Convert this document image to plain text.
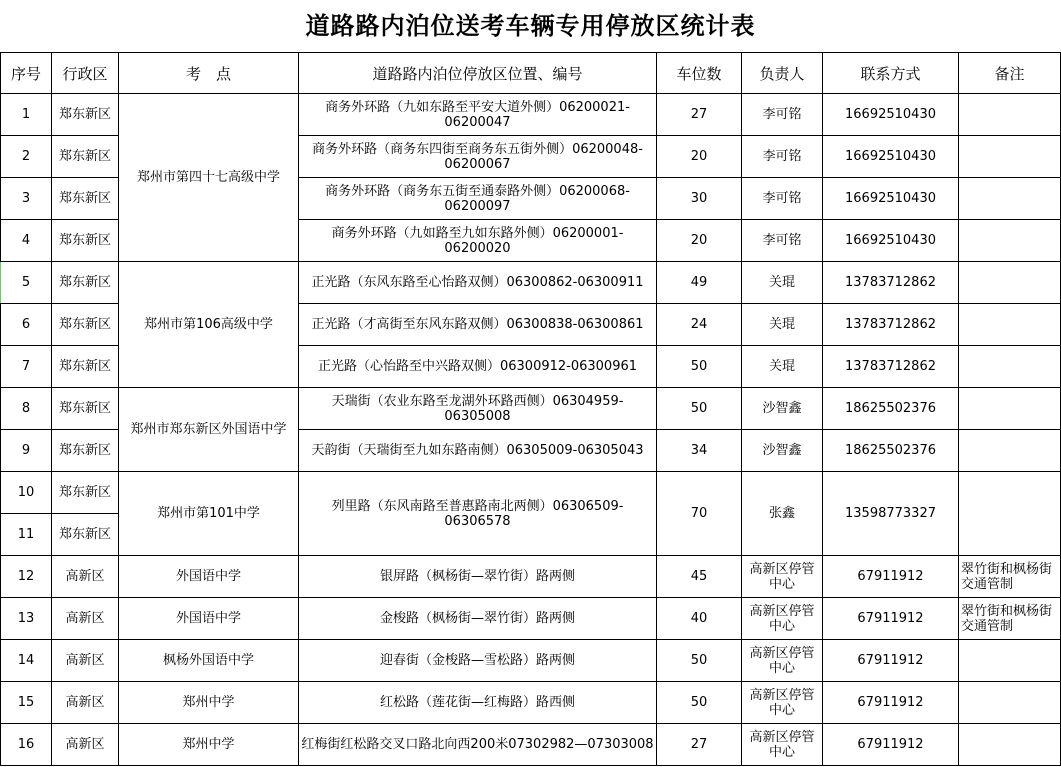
道路路内泊位送考车辆专用停放区统计表
序号	行政区	考　点	道路路内泊位停放区位置、编号	车位数	负责人	联系方式	备注
1	郑东新区	郑州市第四十七高级中学	商务外环路（九如东路至平安大道外侧）06200021-06200047	27	李可铭	16692510430	
2	郑东新区		商务外环路（商务东四街至商务东五街外侧）06200048-06200067	20	李可铭	16692510430	
3	郑东新区		商务外环路（商务东五街至通泰路外侧）06200068-06200097	30	李可铭	16692510430	
4	郑东新区		商务外环路（九如路至九如东路外侧）06200001-06200020	20	李可铭	16692510430	
5	郑东新区	郑州市第106高级中学	正光路（东风东路至心怡路双侧）06300862-06300911	49	关琨	13783712862	
6	郑东新区		正光路（才高街至东风东路双侧）06300838-06300861	24	关琨	13783712862	
7	郑东新区		正光路（心怡路至中兴路双侧）06300912-06300961	50	关琨	13783712862	
8	郑东新区	郑州市郑东新区外国语中学	天瑞街（农业东路至龙湖外环路西侧）06304959-06305008	50	沙智鑫	18625502376	
9	郑东新区		天韵街（天瑞街至九如东路南侧）06305009-06305043	34	沙智鑫	18625502376	
10	郑东新区	郑州市第101中学	列里路（东风南路至普惠路南北两侧）06306509-06306578	70	张鑫	13598773327	
11	郑东新区						
12	高新区	外国语中学	银屏路（枫杨街—翠竹街）路两侧	45	高新区停管中心	67911912	翠竹街和枫杨街交通管制
13	高新区	外国语中学	金梭路（枫杨街—翠竹街）路两侧	40	高新区停管中心	67911912	翠竹街和枫杨街交通管制
14	高新区	枫杨外国语中学	迎春街（金梭路—雪松路）路两侧	50	高新区停管中心	67911912	
15	高新区	郑州中学	红松路（莲花街—红梅路）路西侧	50	高新区停管中心	67911912	
16	高新区	郑州中学	红梅街红松路交叉口路北向西200米07302982—07303008	27	高新区停管中心	67911912	
